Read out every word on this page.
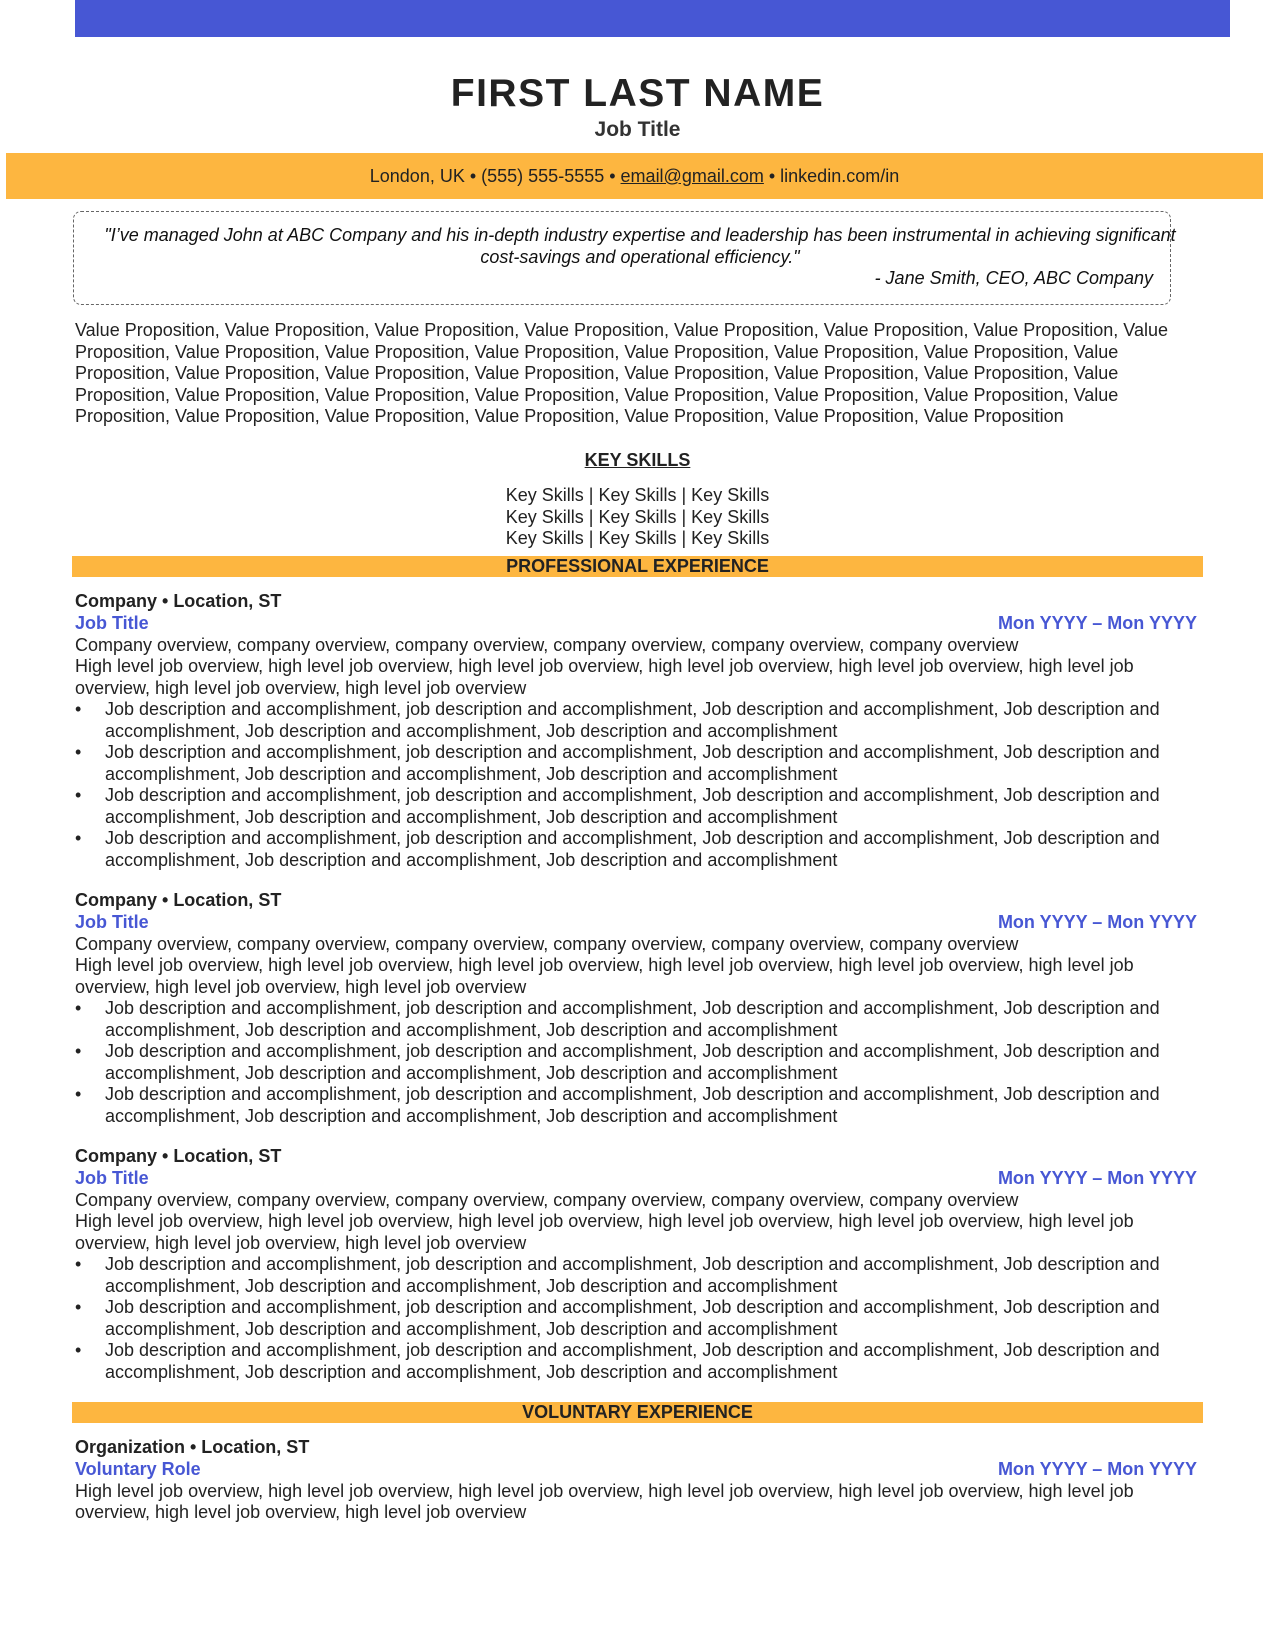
FIRST LAST NAME
Job Title
London, UK • (555) 555-5555 • email@gmail.com • linkedin.com/in
"I’ve managed John at ABC Company and his in-depth industry expertise and leadership has been instrumental in achieving significant cost-savings and operational efficiency."
- Jane Smith, CEO, ABC Company
Value Proposition, Value Proposition, Value Proposition, Value Proposition, Value Proposition, Value Proposition, Value Proposition, Value Proposition, Value Proposition, Value Proposition, Value Proposition, Value Proposition, Value Proposition, Value Proposition, Value Proposition, Value Proposition, Value Proposition, Value Proposition, Value Proposition, Value Proposition, Value Proposition, Value Proposition, Value Proposition, Value Proposition, Value Proposition, Value Proposition, Value Proposition, Value Proposition, Value Proposition, Value Proposition, Value Proposition, Value Proposition, Value Proposition, Value Proposition, Value Proposition
KEY SKILLS
Key Skills | Key Skills | Key Skills
Key Skills | Key Skills | Key Skills
Key Skills | Key Skills | Key Skills
PROFESSIONAL EXPERIENCE
Company • Location, ST
Job Title	Mon YYYY – Mon YYYY
Company overview, company overview, company overview, company overview, company overview, company overview
High level job overview, high level job overview, high level job overview, high level job overview, high level job overview, high level job overview, high level job overview, high level job overview
• Job description and accomplishment, job description and accomplishment, Job description and accomplishment, Job description and accomplishment, Job description and accomplishment, Job description and accomplishment
• Job description and accomplishment, job description and accomplishment, Job description and accomplishment, Job description and accomplishment, Job description and accomplishment, Job description and accomplishment
• Job description and accomplishment, job description and accomplishment, Job description and accomplishment, Job description and accomplishment, Job description and accomplishment, Job description and accomplishment
• Job description and accomplishment, job description and accomplishment, Job description and accomplishment, Job description and accomplishment, Job description and accomplishment, Job description and accomplishment
Company • Location, ST
Job Title	Mon YYYY – Mon YYYY
Company overview, company overview, company overview, company overview, company overview, company overview
High level job overview, high level job overview, high level job overview, high level job overview, high level job overview, high level job overview, high level job overview, high level job overview
• Job description and accomplishment, job description and accomplishment, Job description and accomplishment, Job description and accomplishment, Job description and accomplishment, Job description and accomplishment
• Job description and accomplishment, job description and accomplishment, Job description and accomplishment, Job description and accomplishment, Job description and accomplishment, Job description and accomplishment
• Job description and accomplishment, job description and accomplishment, Job description and accomplishment, Job description and accomplishment, Job description and accomplishment, Job description and accomplishment
Company • Location, ST
Job Title	Mon YYYY – Mon YYYY
Company overview, company overview, company overview, company overview, company overview, company overview
High level job overview, high level job overview, high level job overview, high level job overview, high level job overview, high level job overview, high level job overview, high level job overview
• Job description and accomplishment, job description and accomplishment, Job description and accomplishment, Job description and accomplishment, Job description and accomplishment, Job description and accomplishment
• Job description and accomplishment, job description and accomplishment, Job description and accomplishment, Job description and accomplishment, Job description and accomplishment, Job description and accomplishment
• Job description and accomplishment, job description and accomplishment, Job description and accomplishment, Job description and accomplishment, Job description and accomplishment, Job description and accomplishment
VOLUNTARY EXPERIENCE
Organization • Location, ST
Voluntary Role	Mon YYYY – Mon YYYY
High level job overview, high level job overview, high level job overview, high level job overview, high level job overview, high level job overview, high level job overview, high level job overview
